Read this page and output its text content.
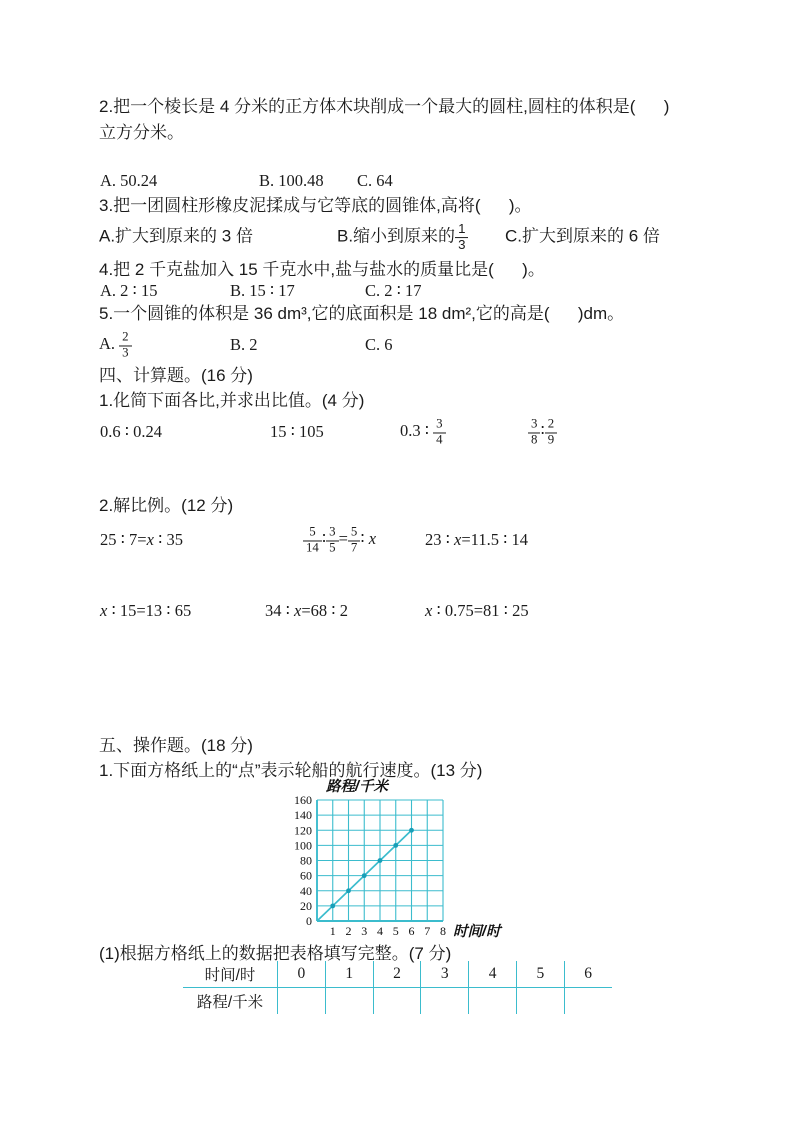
2.把一个棱长是 4 分米的正方体木块削成一个最大的圆柱,圆柱的体积是(      )
立方分米。
A. 50.24	B. 100.48 C. 64
3.把一团圆柱形橡皮泥揉成与它等底的圆锥体,高将(      )。
A.扩大到原来的 3 倍	B.缩小到原来的 $\frac{1}{3} C$.扩大到原来的 6 倍
4.把 2 千克盐加入 15 千克水中,盐与盐水的质量比是(      )。
A. 2 ∶ 15	B. 15 ∶ 17	C. 2 ∶ 17
5.一个圆锥的体积是 36 dm³,它的底面积是 18 dm²,它的高是(      )dm。
A. $\frac{2}{3}$	B. 2	C. 6
四、计算题。(16 分)
1.化简下面各比,并求出比值。(4 分)
0.6 ∶ 0.24	15 ∶ 105	0.3 ∶ $\frac{3}{4}$	$\frac{3}{8}$ ∶ $\frac{2}{9}$
2.解比例。(12 分)
25 ∶ 7=x ∶ 35	$\frac{5}{14}$ ∶ $\frac{3}{5} = \frac{5}{7}$ ∶ x	23 ∶ x=11.5 ∶ 14
x ∶ 15=13 ∶ 65	34 ∶ x=68 ∶ 2	x ∶ 0.75=81 ∶ 25
五、操作题。(18 分)
1.下面方格纸上的“点”表示轮船的航行速度。(13 分)
0
20
40
60
80
100
120
140
160
1 2 3 4 5 6 7 8
路程/千米
时间/时
(1)根据方格纸上的数据把表格填写完整。(7 分)
时间/时	0	1	2	3	4	5	6
路程/千米
